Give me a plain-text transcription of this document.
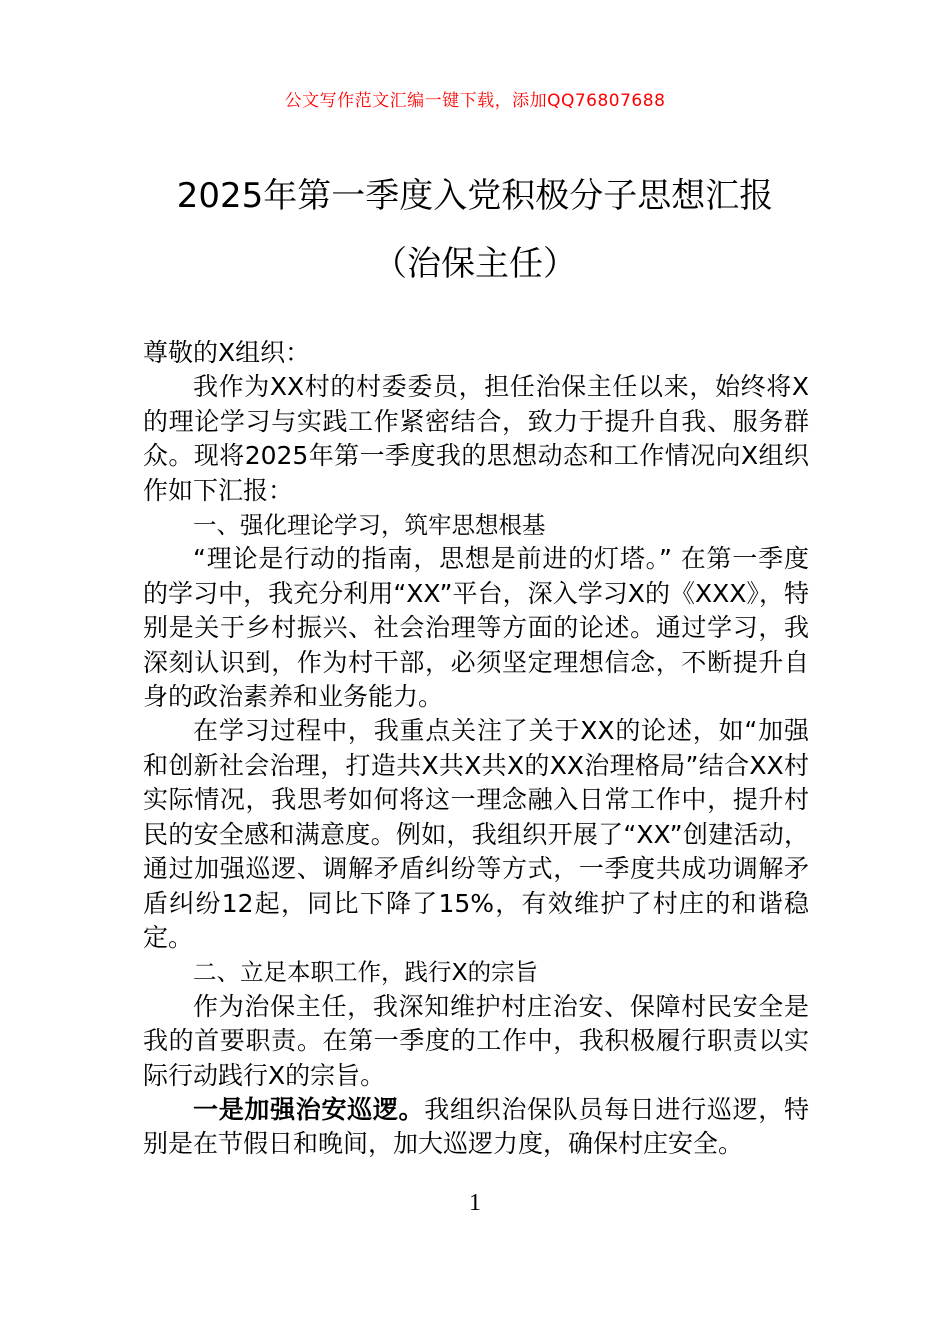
公文写作范文汇编一键下载，添加QQ76807688
2025年第一季度入党积极分子思想汇报
（治保主任）

尊敬的X组织：

我作为XX村的村委委员，担任治保主任以来，始终将X的理论学习与实践工作紧密结合，致力于提升自我、服务群众。现将2025年第一季度我的思想动态和工作情况向X组织作如下汇报：

一、强化理论学习，筑牢思想根基

“理论是行动的指南，思想是前进的灯塔。” 在第一季度的学习中，我充分利用“XX”平台，深入学习X的《XXX》，特别是关于乡村振兴、社会治理等方面的论述。通过学习，我深刻认识到，作为村干部，必须坚定理想信念，不断提升自身的政治素养和业务能力。

在学习过程中，我重点关注了关于XX的论述，如“加强和创新社会治理，打造共X共X共X的XX治理格局”结合XX村实际情况，我思考如何将这一理念融入日常工作中，提升村民的安全感和满意度。例如，我组织开展了“XX”创建活动，通过加强巡逻、调解矛盾纠纷等方式，一季度共成功调解矛盾纠纷12起，同比下降了15%，有效维护了村庄的和谐稳定。

二、立足本职工作，践行X的宗旨

作为治保主任，我深知维护村庄治安、保障村民安全是我的首要职责。在第一季度的工作中，我积极履行职责以实际行动践行X的宗旨。

一是加强治安巡逻。我组织治保队员每日进行巡逻，特别是在节假日和晚间，加大巡逻力度，确保村庄安全。

1
